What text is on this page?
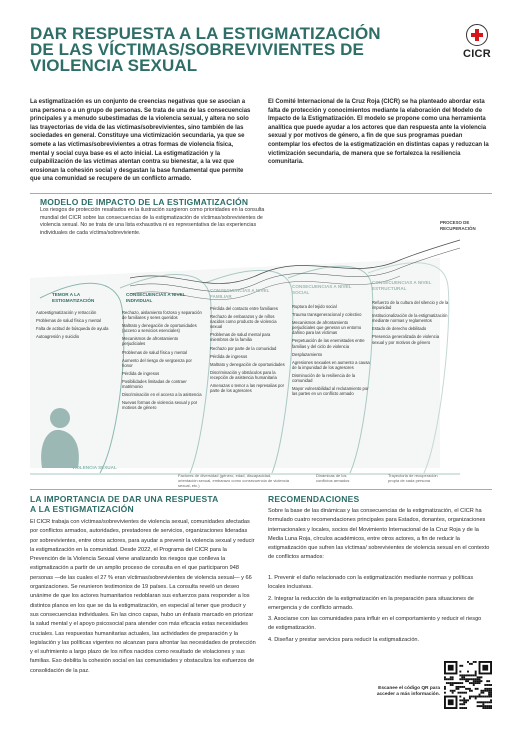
DAR RESPUESTA A LA ESTIGMATIZACIÓN
DE LAS VÍCTIMAS/SOBREVIVIENTES DE
VIOLENCIA SEXUAL
CICR

La estigmatización es un conjunto de creencias negativas que se asocian a una persona o a un grupo de personas. Se trata de una de las consecuencias principales y a menudo subestimadas de la violencia sexual, y altera no solo las trayectorias de vida de las víctimas/sobrevivientes, sino también de las sociedades en general. Constituye una victimización secundaria, ya que se somete a las víctimas/sobrevivientes a otras formas de violencia física, mental y social cuya base es el acto inicial. La estigmatización y la culpabilización de las víctimas atentan contra su bienestar, a la vez que erosionan la cohesión social y desgastan la base fundamental que permite que una comunidad se recupere de un conflicto armado.

El Comité Internacional de la Cruz Roja (CICR) se ha planteado abordar esta falta de protección y conocimientos mediante la elaboración del Modelo de Impacto de la Estigmatización. El modelo se propone como una herramienta analítica que puede ayudar a los actores que dan respuesta ante la violencia sexual y por motivos de género, a fin de que sus programas puedan contemplar los efectos de la estigmatización en distintas capas y reduzcan la victimización secundaria, de manera que se fortalezca la resiliencia comunitaria.

MODELO DE IMPACTO DE LA ESTIGMATIZACIÓN

Los riesgos de protección resaltados en la ilustración surgieron como prioridades en la consulta mundial del CICR sobre las consecuencias de la estigmatización de víctimas/sobrevivientes de violencia sexual. No se trata de una lista exhaustiva ni es representativa de las experiencias individuales de cada víctima/sobreviviente.

PROCESO DE RECUPERACIÓN
TEMOR A LA ESTIGMATIZACIÓN
Autoestigmatización y retracción
Problemas de salud física y mental
Falta de actitud de búsqueda de ayuda
Autoagresión y suicidio
CONSECUENCIAS A NIVEL INDIVIDUAL
Rechazo, aislamiento forzoso y separación de familiares y seres queridos
Maltrato y denegación de oportunidades (acceso a servicios esenciales)
Mecanismos de afrontamiento perjudiciales
Problemas de salud física y mental
Aumento del riesgo de vergüenza por honor
Pérdida de ingresos
Posibilidades limitadas de contraer matrimonio
Discriminación en el acceso a la asistencia
Nuevas formas de violencia sexual y por motivos de género
CONSECUENCIAS A NIVEL FAMILIAR
Pérdida del contacto entre familiares
Rechazo de embarazos y de niños nacidos como producto de violencia sexual
Problemas de salud mental para miembros de la familia
Rechazo por parte de la comunidad
Pérdida de ingresos
Maltrato y denegación de oportunidades
Discriminación y obstáculos para la recepción de asistencia humanitaria
Amenazas o temor a las represalias por parte de los agresores
CONSECUENCIAS A NIVEL SOCIAL
Ruptura del tejido social
Trauma transgeneracional y colectivo
Mecanismos de afrontamiento perjudiciales que generan un entorno dañino para las víctimas
Perpetuación de las enemistades entre familias y del ciclo de violencia
Desplazamiento
Agresiones sexuales en aumento a causa de la impunidad de los agresores
Disminución de la resiliencia de la comunidad
Mayor vulnerabilidad al reclutamiento por las partes en un conflicto armado
CONSECUENCIAS A NIVEL ESTRUCTURAL
Refuerzo de la cultura del silencio y de la impunidad
Institucionalización de la estigmatización mediante normas y reglamentos
Estado de derecho debilitado
Presencia generalizada de violencia sexual y por motivos de género
VIOLENCIA SEXUAL
Factores de diversidad (género, edad, discapacidad, orientación sexual, embarazo como consecuencia de violencia sexual, etc.)
Dinámicas de los conflictos armados
Trayectoria de recuperación propia de cada persona
LA IMPORTANCIA DE DAR UNA RESPUESTA
A LA ESTIGMATIZACIÓN

El CICR trabaja con víctimas/sobrevivientes de violencia sexual, comunidades afectadas por conflictos armados, autoridades, prestadores de servicios, organizaciones lideradas por sobrevivientes, entre otros actores, para ayudar a prevenir la violencia sexual y reducir la estigmatización en la comunidad. Desde 2022, el Programa del CICR para la Prevención de la Violencia Sexual viene analizando los riesgos que conlleva la estigmatización a partir de un amplio proceso de consulta en el que participaron 948 personas —de las cuales el 27 % eran víctimas/sobrevivientes de violencia sexual— y 66 organizaciones. Se reunieron testimonios de 19 países. La consulta reveló un deseo unánime de que los actores humanitarios redoblaran sus esfuerzos para responder a los distintos planos en los que se da la estigmatización, en especial al tener que producir y sus consecuencias individuales. En las cinco capas, hubo un énfasis marcado en priorizar la salud mental y el apoyo psicosocial para atender con más eficacia estas necesidades cruciales. Las respuestas humanitarias actuales, las actividades de preparación y la legislación y las políticas vigentes no alcanzan para afrontar las necesidades de protección y el sufrimiento a largo plazo de los niños nacidos como resultado de violaciones y sus familias. Eso debilita la cohesión social en las comunidades y obstaculiza los esfuerzos de consolidación de la paz.

RECOMENDACIONES

Sobre la base de las dinámicas y las consecuencias de la estigmatización, el CICR ha formulado cuatro recomendaciones principales para Estados, donantes, organizaciones internacionales y locales, socios del Movimiento Internacional de la Cruz Roja y de la Media Luna Roja, círculos académicos, entre otros actores, a fin de reducir la estigmatización que sufren las víctimas/ sobrevivientes de violencia sexual en el contexto de conflictos armados:

1. Prevenir el daño relacionado con la estigmatización mediante normas y políticas locales inclusivas.
2. Integrar la reducción de la estigmatización en la preparación para situaciones de emergencia y de conflicto armado.
3. Asociarse con las comunidades para influir en el comportamiento y reducir el riesgo de estigmatización.
4. Diseñar y prestar servicios para reducir la estigmatización.
Escanee el código QR para acceder a más información.
